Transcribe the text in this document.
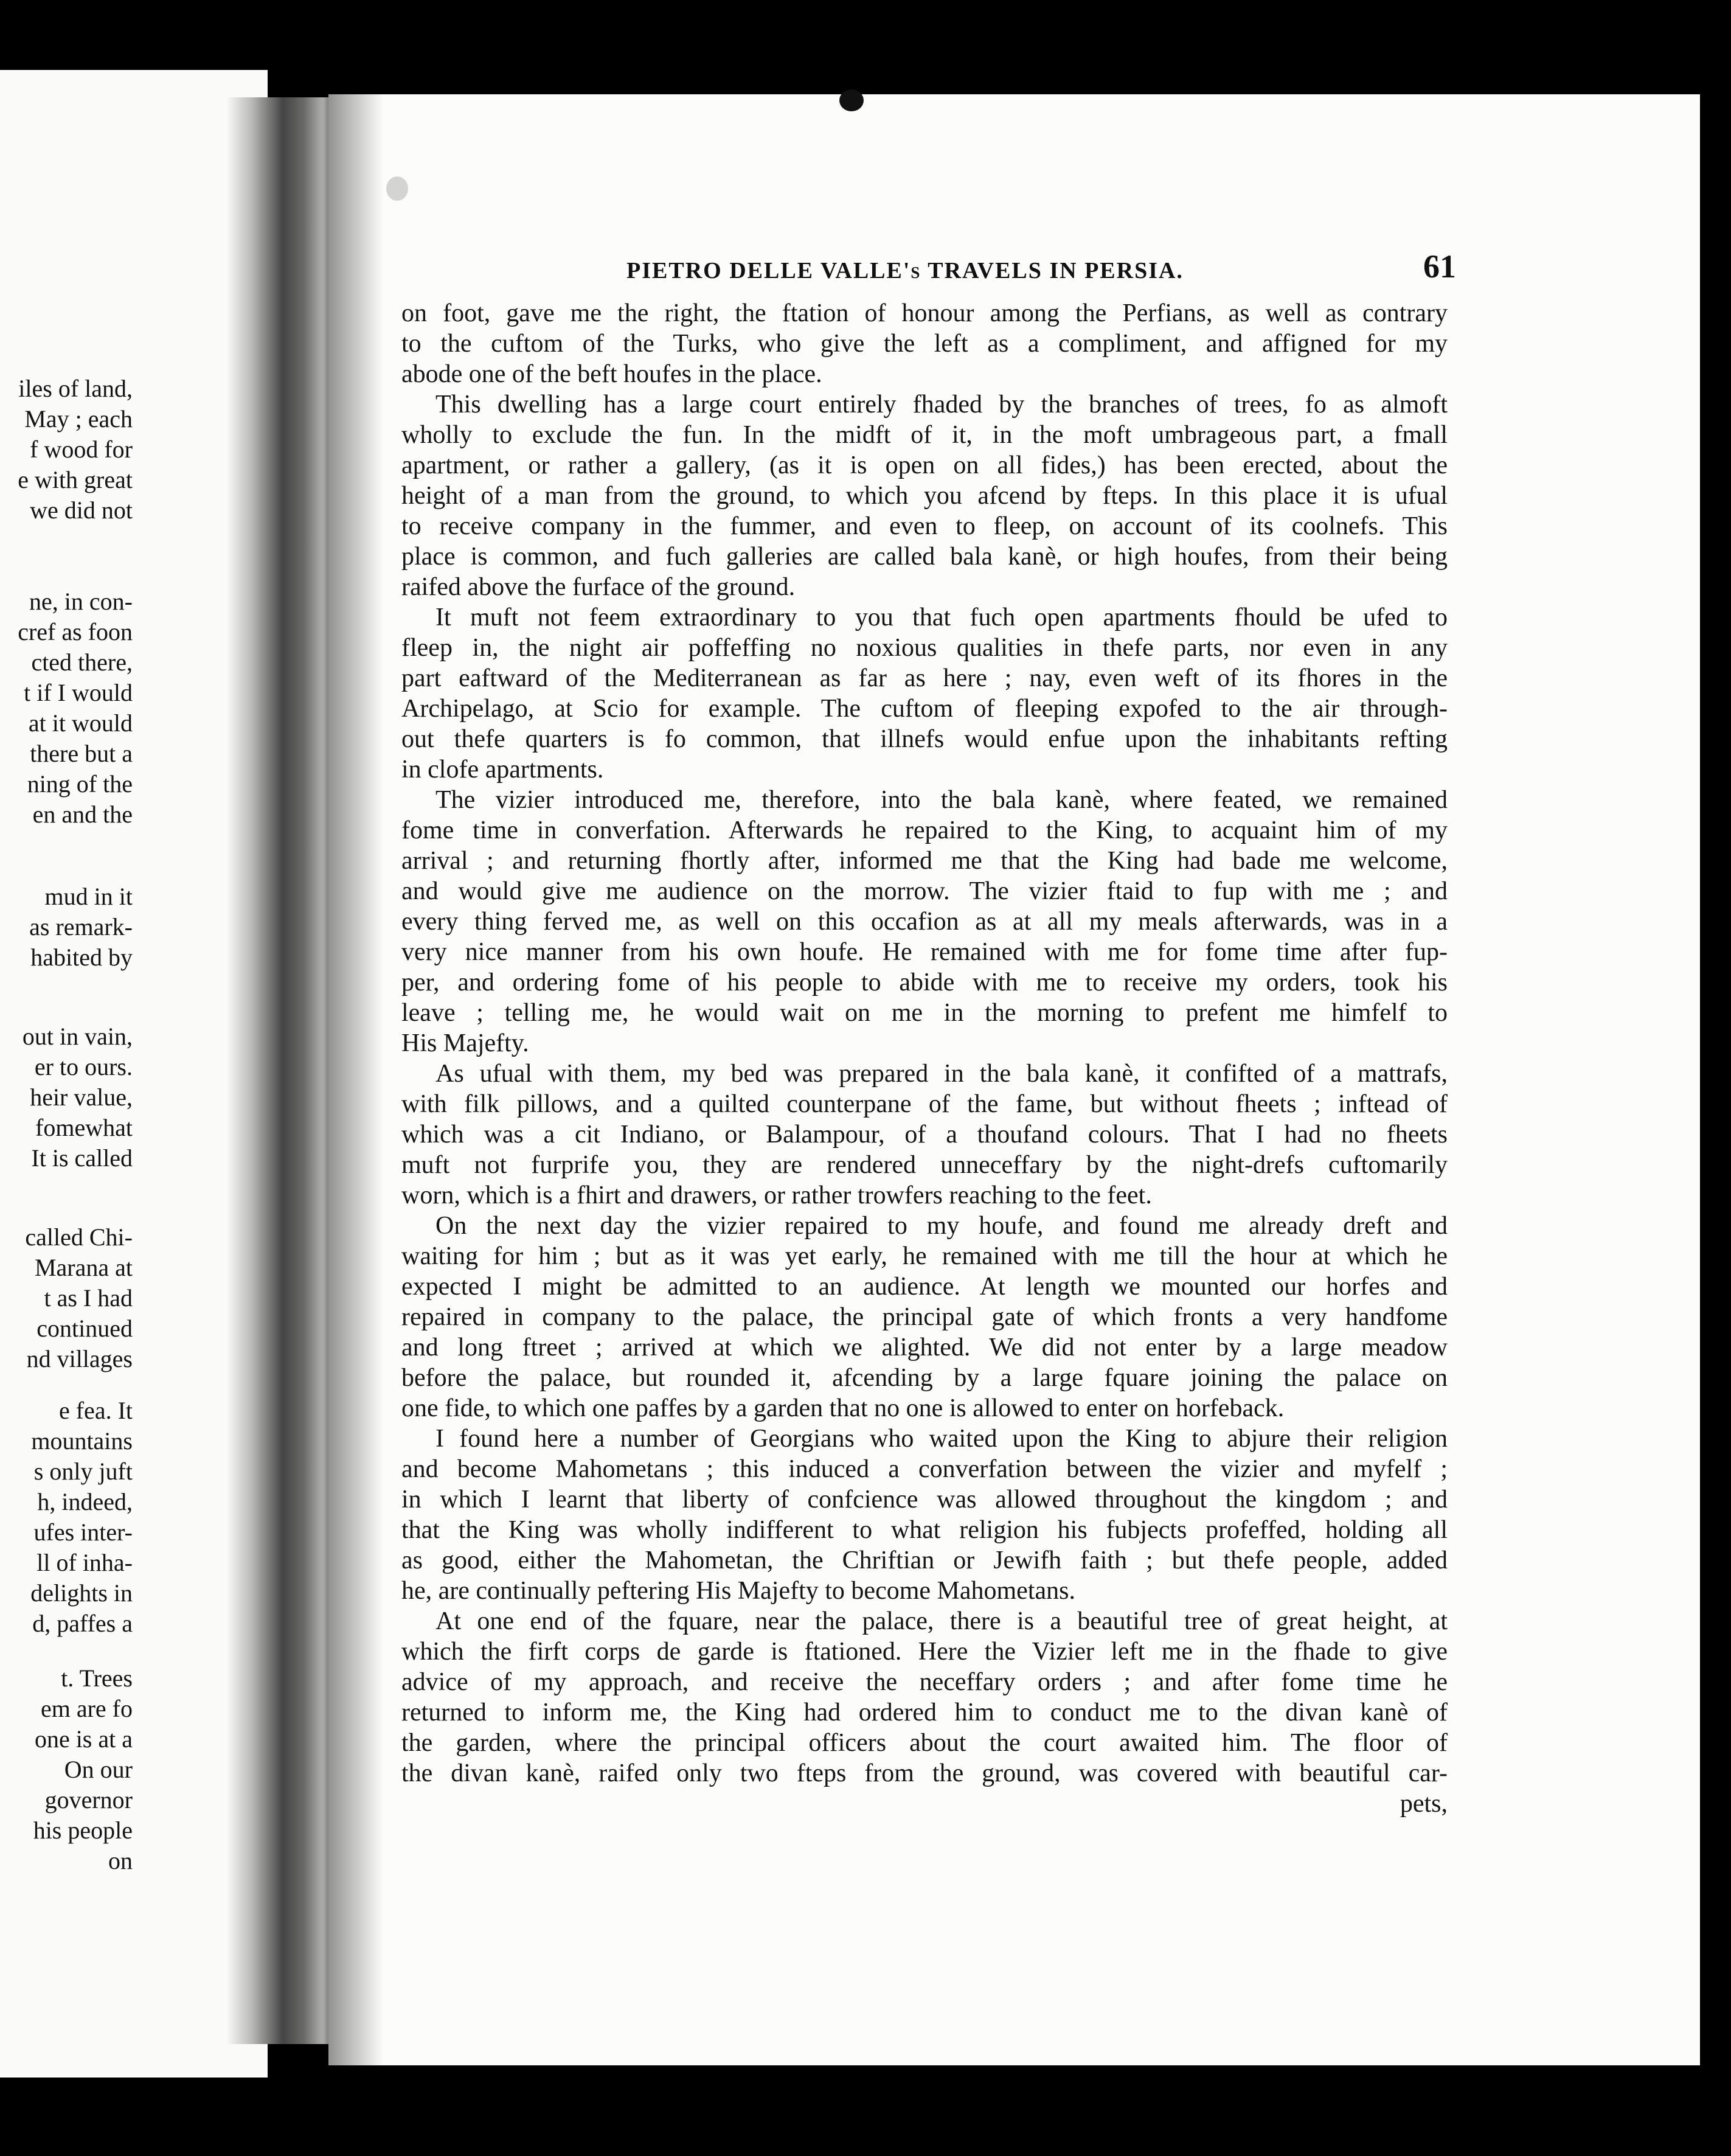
iles of land,
May ; each
f wood for
e with great
we did not
ne, in con-
cref as foon
cted there,
t if I would
at it would
there but a
ning of the
en and the
mud in it
as remark-
habited by
out in vain,
er to ours.
heir value,
fomewhat
It is called
called Chi-
Marana at
t as I had
continued
nd villages
e fea. It
mountains
s only juft
h, indeed,
ufes inter-
ll of inha-
delights in
d, paffes a
t. Trees
em are fo
one is at a
On our
governor
his people
on
PIETRO DELLE VALLE's TRAVELS IN PERSIA.	61
on foot, gave me the right, the ftation of honour among the Perfians, as well as contrary
to the cuftom of the Turks, who give the left as a compliment, and affigned for my
abode one of the beft houfes in the place.
This dwelling has a large court entirely fhaded by the branches of trees, fo as almoft
wholly to exclude the fun. In the midft of it, in the moft umbrageous part, a fmall
apartment, or rather a gallery, (as it is open on all fides,) has been erected, about the
height of a man from the ground, to which you afcend by fteps. In this place it is ufual
to receive company in the fummer, and even to fleep, on account of its coolnefs. This
place is common, and fuch galleries are called bala kanè, or high houfes, from their being
raifed above the furface of the ground.
It muft not feem extraordinary to you that fuch open apartments fhould be ufed to
fleep in, the night air poffeffing no noxious qualities in thefe parts, nor even in any
part eaftward of the Mediterranean as far as here ; nay, even weft of its fhores in the
Archipelago, at Scio for example. The cuftom of fleeping expofed to the air through-
out thefe quarters is fo common, that illnefs would enfue upon the inhabitants refting
in clofe apartments.
The vizier introduced me, therefore, into the bala kanè, where feated, we remained
fome time in converfation. Afterwards he repaired to the King, to acquaint him of my
arrival ; and returning fhortly after, informed me that the King had bade me welcome,
and would give me audience on the morrow. The vizier ftaid to fup with me ; and
every thing ferved me, as well on this occafion as at all my meals afterwards, was in a
very nice manner from his own houfe. He remained with me for fome time after fup-
per, and ordering fome of his people to abide with me to receive my orders, took his
leave ; telling me, he would wait on me in the morning to prefent me himfelf to
His Majefty.
As ufual with them, my bed was prepared in the bala kanè, it confifted of a mattrafs,
with filk pillows, and a quilted counterpane of the fame, but without fheets ; inftead of
which was a cit Indiano, or Balampour, of a thoufand colours. That I had no fheets
muft not furprife you, they are rendered unneceffary by the night-drefs cuftomarily
worn, which is a fhirt and drawers, or rather trowfers reaching to the feet.
On the next day the vizier repaired to my houfe, and found me already dreft and
waiting for him ; but as it was yet early, he remained with me till the hour at which he
expected I might be admitted to an audience. At length we mounted our horfes and
repaired in company to the palace, the principal gate of which fronts a very handfome
and long ftreet ; arrived at which we alighted. We did not enter by a large meadow
before the palace, but rounded it, afcending by a large fquare joining the palace on
one fide, to which one paffes by a garden that no one is allowed to enter on horfeback.
I found here a number of Georgians who waited upon the King to abjure their religion
and become Mahometans ; this induced a converfation between the vizier and myfelf ;
in which I learnt that liberty of confcience was allowed throughout the kingdom ; and
that the King was wholly indifferent to what religion his fubjects profeffed, holding all
as good, either the Mahometan, the Chriftian or Jewifh faith ; but thefe people, added
he, are continually peftering His Majefty to become Mahometans.
At one end of the fquare, near the palace, there is a beautiful tree of great height, at
which the firft corps de garde is ftationed. Here the Vizier left me in the fhade to give
advice of my approach, and receive the neceffary orders ; and after fome time he
returned to inform me, the King had ordered him to conduct me to the divan kanè of
the garden, where the principal officers about the court awaited him. The floor of
the divan kanè, raifed only two fteps from the ground, was covered with beautiful car-
pets,
